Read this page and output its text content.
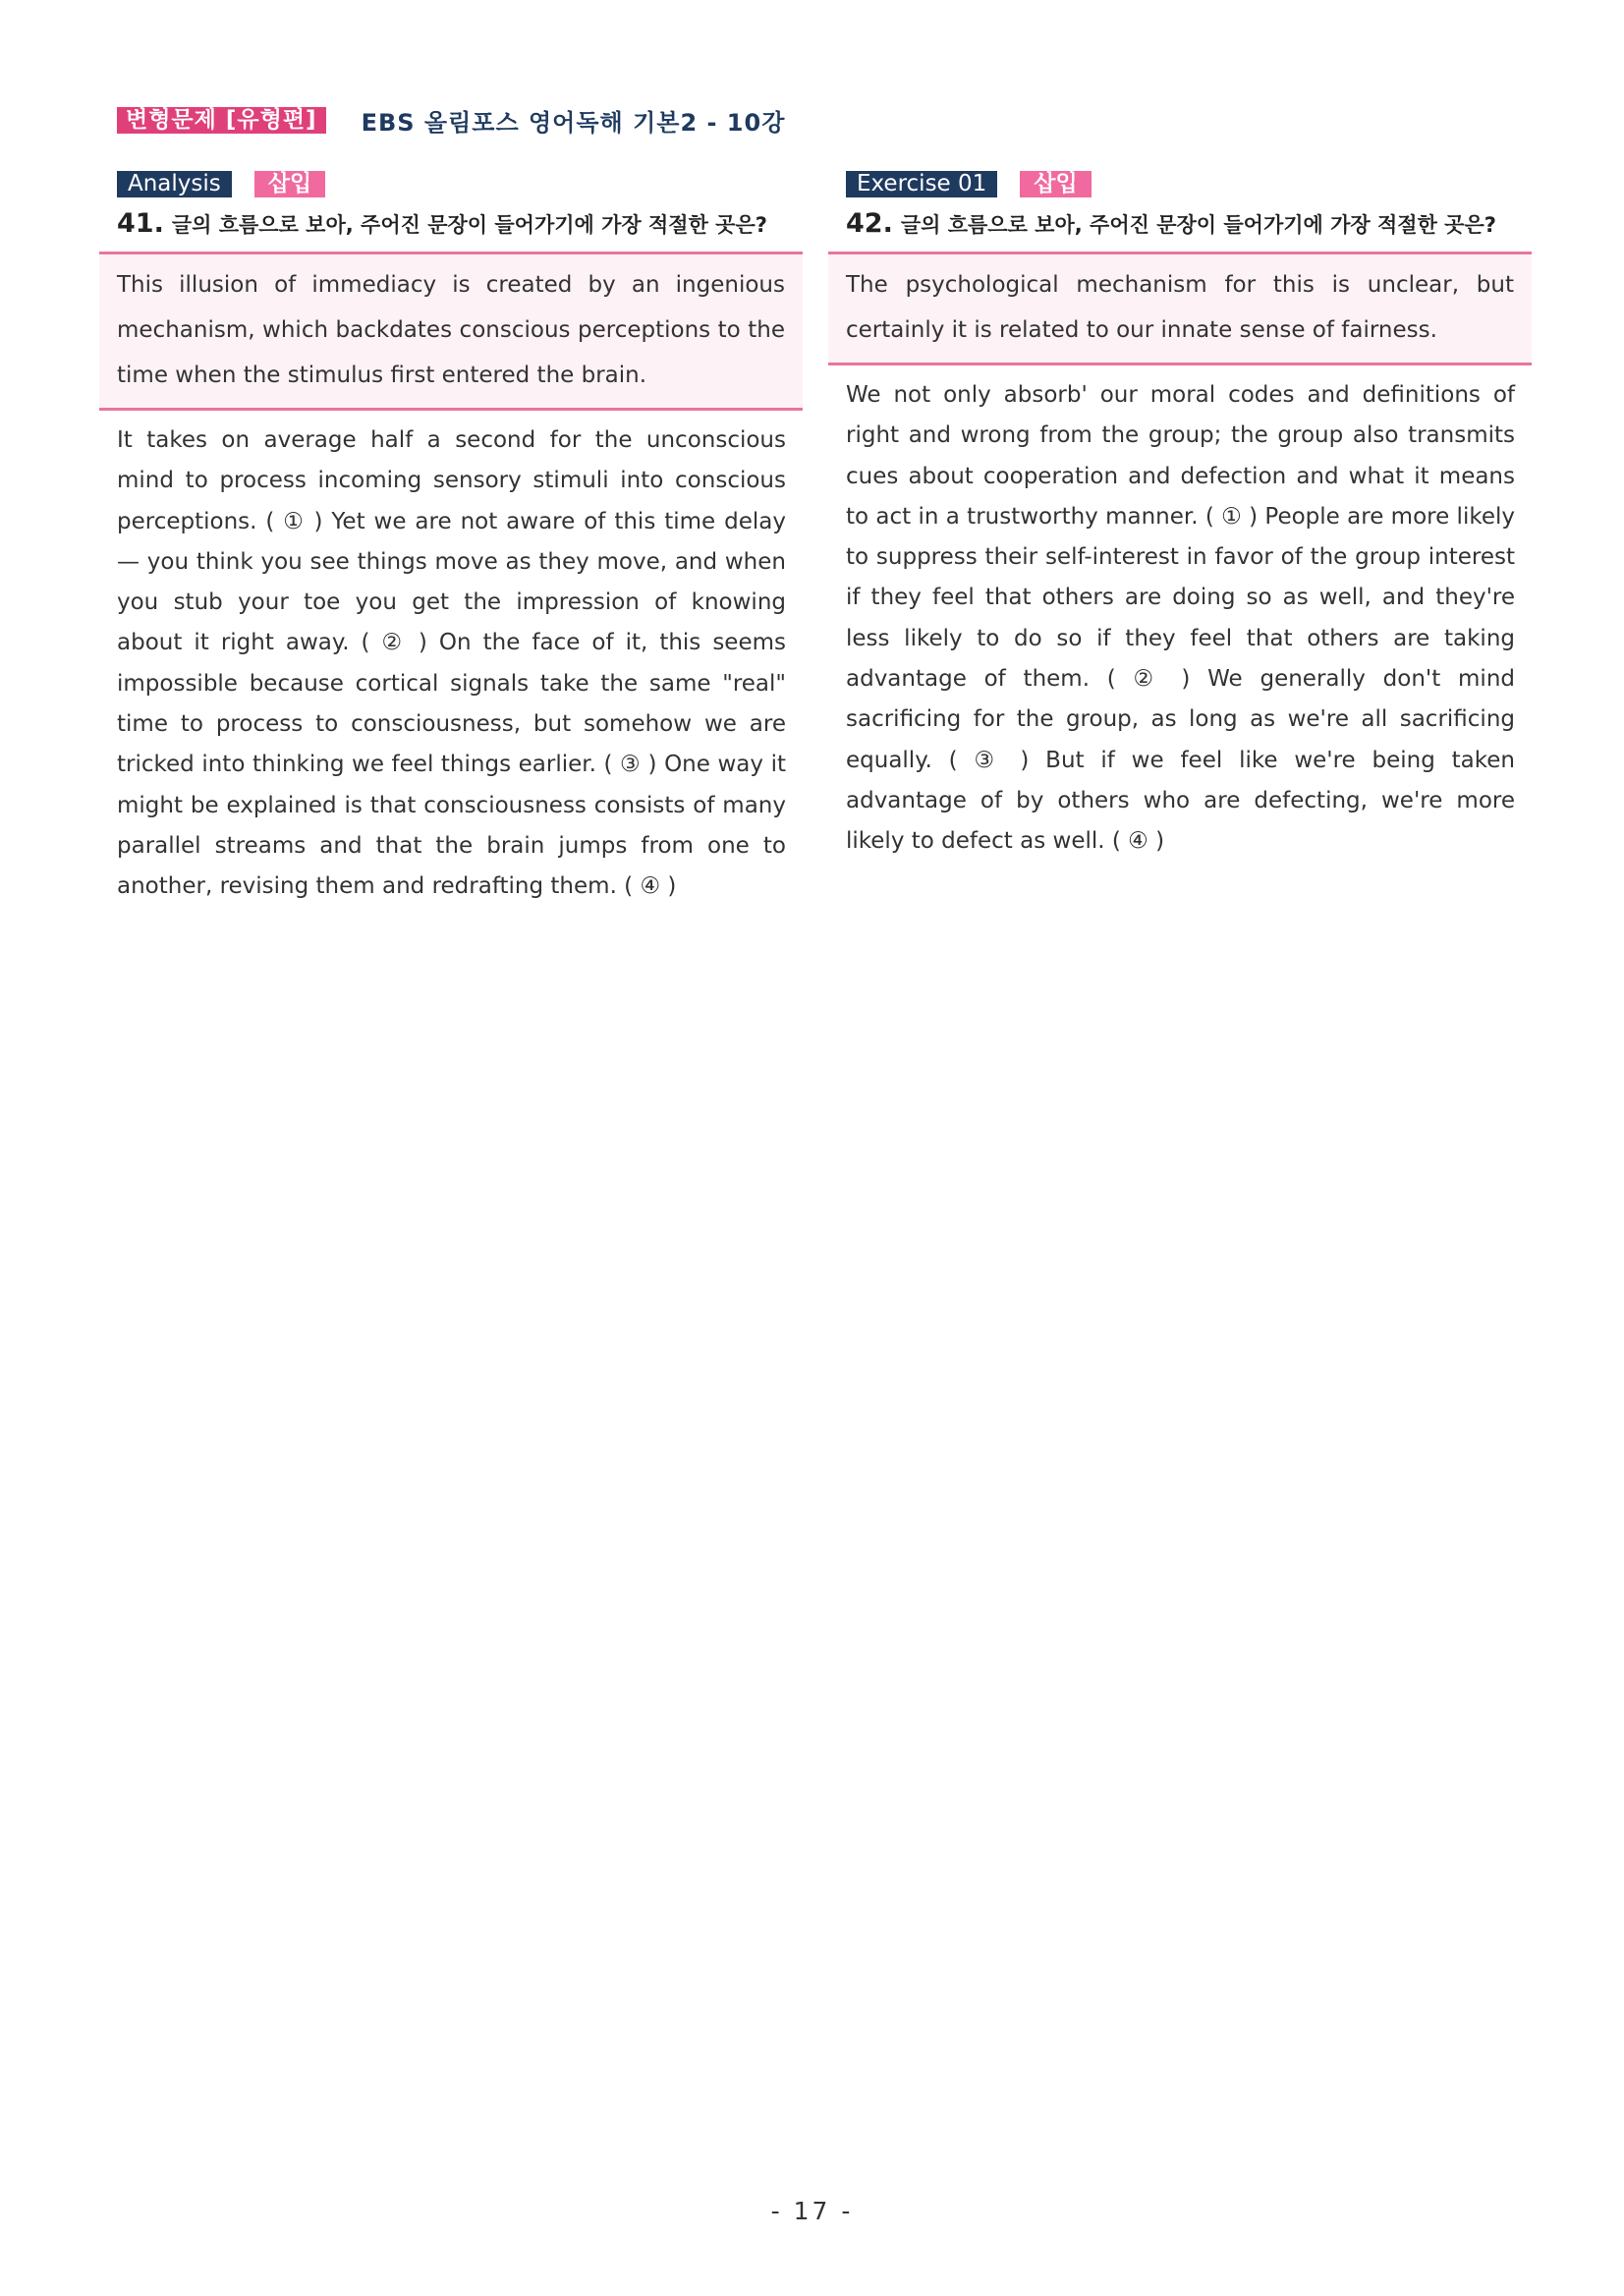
변형문제 [유형편]	EBS 올림포스 영어독해 기본2 - 10강
Analysis	삽입
41. 글의 흐름으로 보아, 주어진 문장이 들어가기에 가장 적절한 곳은?

This illusion of immediacy is created by an ingenious mechanism, which backdates conscious perceptions to the time when the stimulus first entered the brain.

It takes on average half a second for the unconscious mind to process incoming sensory stimuli into conscious perceptions. ( ① ) Yet we are not aware of this time delay — you think you see things move as they move, and when you stub your toe you get the impression of knowing about it right away. ( ② ) On the face of it, this seems impossible because cortical signals take the same "real" time to process to consciousness, but somehow we are tricked into thinking we feel things earlier. ( ③ ) One way it might be explained is that consciousness consists of many parallel streams and that the brain jumps from one to another, revising them and redrafting them. ( ④ )

Exercise 01	삽입
42. 글의 흐름으로 보아, 주어진 문장이 들어가기에 가장 적절한 곳은?

The psychological mechanism for this is unclear, but certainly it is related to our innate sense of fairness.

We not only absorb' our moral codes and definitions of right and wrong from the group; the group also transmits cues about cooperation and defection and what it means to act in a trustworthy manner. ( ① ) People are more likely to suppress their self-interest in favor of the group interest if they feel that others are doing so as well, and they're less likely to do so if they feel that others are taking advantage of them. ( ② ) We generally don't mind sacrificing for the group, as long as we're all sacrificing equally. ( ③ ) But if we feel like we're being taken advantage of by others who are defecting, we're more likely to defect as well. ( ④ )

- 17 -
